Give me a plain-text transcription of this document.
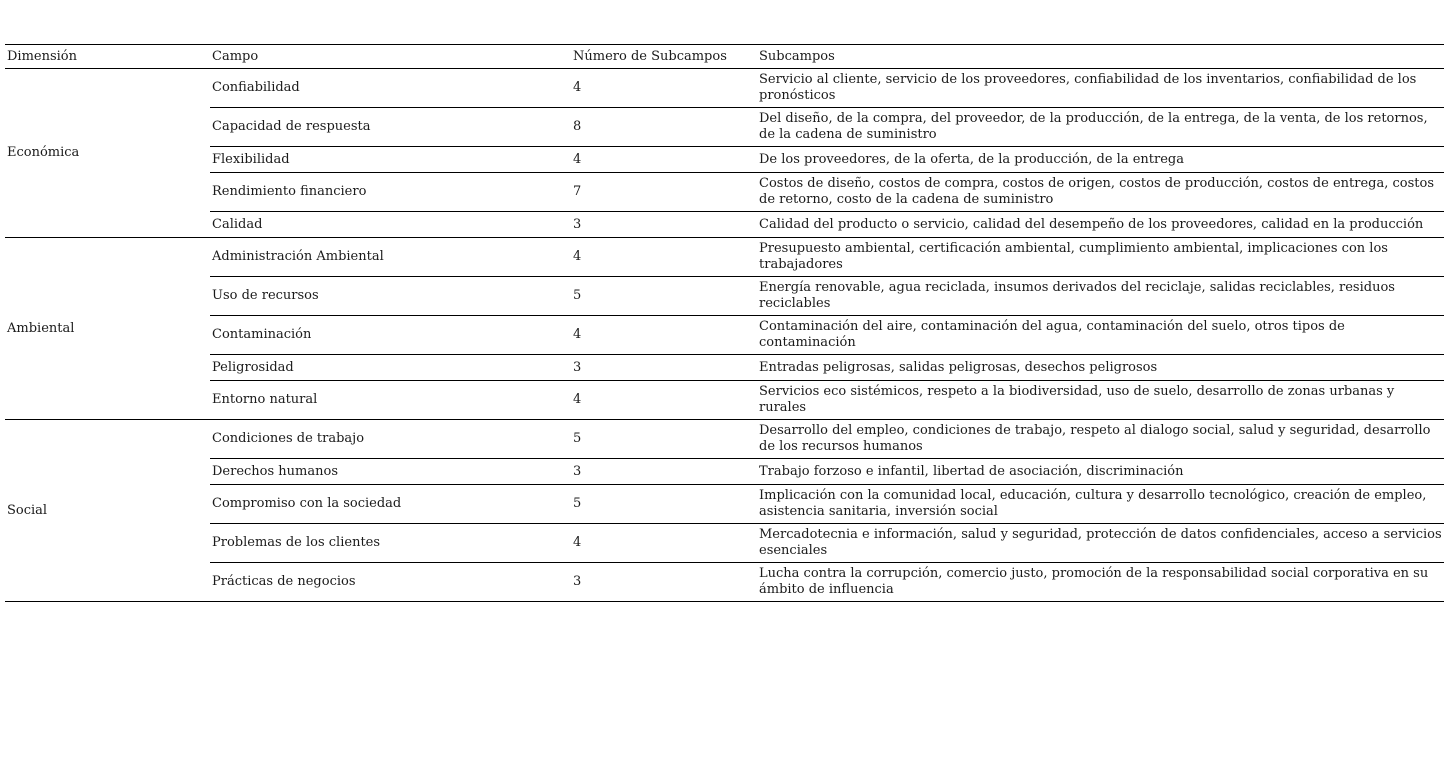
Dimensión	Campo	Número de Subcampos	Subcampos
Económica	Confiabilidad	4	Servicio al cliente, servicio de los proveedores, confiabilidad de los inventarios, confiabilidad de los pronósticos
	Capacidad de respuesta	8	Del diseño, de la compra, del proveedor, de la producción, de la entrega, de la venta, de los retornos, de la cadena de suministro
	Flexibilidad	4	De los proveedores, de la oferta, de la producción, de la entrega
	Rendimiento financiero	7	Costos de diseño, costos de compra, costos de origen, costos de producción, costos de entrega, costos de retorno, costo de la cadena de suministro
	Calidad	3	Calidad del producto o servicio, calidad del desempeño de los proveedores, calidad en la producción
Ambiental	Administración Ambiental	4	Presupuesto ambiental, certificación ambiental, cumplimiento ambiental, implicaciones con los trabajadores
	Uso de recursos	5	Energía renovable, agua reciclada, insumos derivados del reciclaje, salidas reciclables, residuos reciclables
	Contaminación	4	Contaminación del aire, contaminación del agua, contaminación del suelo, otros tipos de contaminación
	Peligrosidad	3	Entradas peligrosas, salidas peligrosas, desechos peligrosos
	Entorno natural	4	Servicios eco sistémicos, respeto a la biodiversidad, uso de suelo, desarrollo de zonas urbanas y rurales
Social	Condiciones de trabajo	5	Desarrollo del empleo, condiciones de trabajo, respeto al dialogo social, salud y seguridad, desarrollo de los recursos humanos
	Derechos humanos	3	Trabajo forzoso e infantil, libertad de asociación, discriminación
	Compromiso con la sociedad	5	Implicación con la comunidad local, educación, cultura y desarrollo tecnológico, creación de empleo, asistencia sanitaria, inversión social
	Problemas de los clientes	4	Mercadotecnia e información, salud y seguridad, protección de datos confidenciales, acceso a servicios esenciales
	Prácticas de negocios	3	Lucha contra la corrupción, comercio justo, promoción de la responsabilidad social corporativa en su ámbito de influencia
